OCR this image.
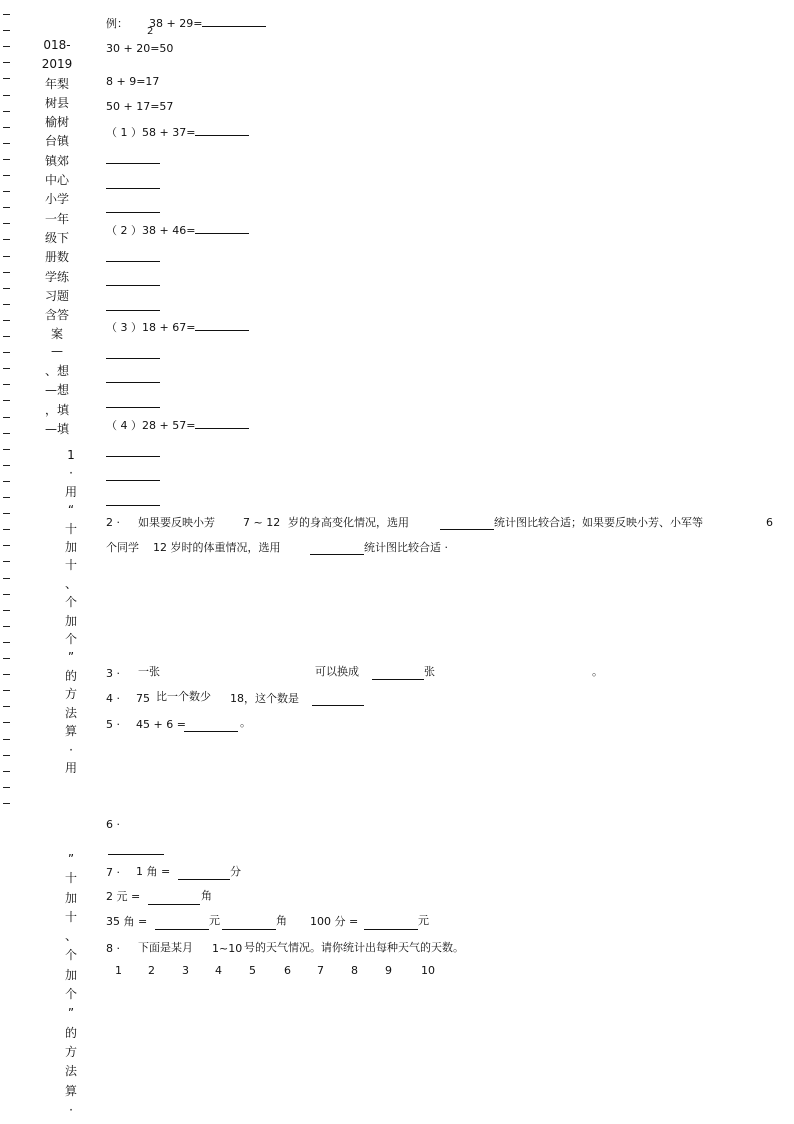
018-
2019
年梨
树县
榆树
台镇
镇郊
中心
小学
一年
级下
册数
学练
习题
含答
案
—
、想
—想
，填
—填
1
·
用
“
十
加
十
、
个
加
个
”
的
方
法
算
·
用
”
十
加
十
、
个
加
个
”
的
方
法
算
·
例： 38 + 29=
2
30 + 20=50
8 + 9=17
50 + 17=57
（ 1 ）58 + 37=
（ 2 ）38 + 46=
（ 3 ）18 + 67=
（ 4 ）28 + 57=
2 · 如果要反映小芳	7 ~ 12 岁的身高变化情况，选用	统计图比较合适；如果要反映小芳、小军等	6
个同学 12 岁时的体重情况，选用	统计图比较合适 ·
3 · 一张	可以换成	张	。
4 · 75 比一个数少 18，这个数是
5 · 45 + 6 =	。
6 ·
7 · 1 角 =	分
2 元 =	角
35 角 =	元	角 100 分 =	元
8 · 下面是某月 1~10 号的天气情况。请你统计出每种天气的天数。
1 2 3 4 5	6 7 8 9	10
